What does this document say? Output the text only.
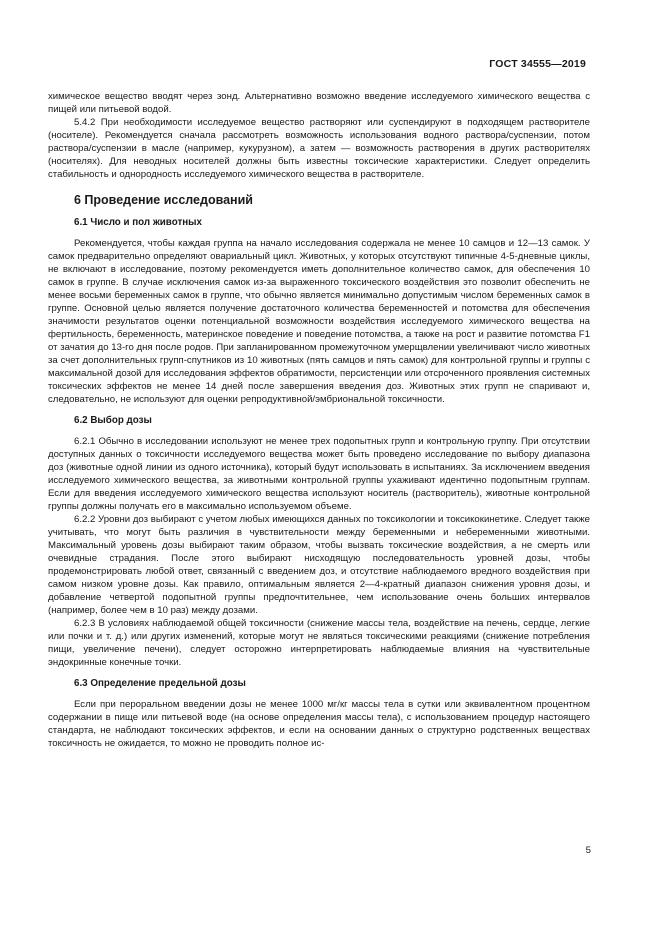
ГОСТ 34555—2019

химическое вещество вводят через зонд. Альтернативно возможно введение исследуемого химического вещества с пищей или питьевой водой.

5.4.2 При необходимости исследуемое вещество растворяют или суспендируют в подходящем растворителе (носителе). Рекомендуется сначала рассмотреть возможность использования водного раствора/суспензии, потом раствора/суспензии в масле (например, кукурузном), а затем — возможность растворения в других растворителях (носителях). Для неводных носителей должны быть известны токсические характеристики. Следует определить стабильность и однородность исследуемого химического вещества в растворителе.

6 Проведение исследований
6.1 Число и пол животных

Рекомендуется, чтобы каждая группа на начало исследования содержала не менее 10 самцов и 12—13 самок. У самок предварительно определяют овариальный цикл. Животных, у которых отсутствуют типичные 4-5-дневные циклы, не включают в исследование, поэтому рекомендуется иметь дополнительное количество самок, для обеспечения 10 самок в группе. В случае исключения самок из-за выраженного токсического воздействия это позволит обеспечить не менее восьми беременных самок в группе, что обычно является минимально допустимым числом беременных самок в группе. Основной целью является получение достаточного количества беременностей и потомства для обеспечения значимости результатов оценки потенциальной возможности воздействия исследуемого химического вещества на фертильность, беременность, материнское поведение и поведение потомства, а также на рост и развитие потомства F1 от зачатия до 13-го дня после родов. При запланированном промежуточном умерщвлении увеличивают число животных за счет дополнительных групп-спутников из 10 животных (пять самцов и пять самок) для контрольной группы и группы с максимальной дозой для исследования эффектов обратимости, персистенции или отсроченного проявления системных токсических эффектов не менее 14 дней после завершения введения доз. Животных этих групп не спаривают и, следовательно, не используют для оценки репродуктивной/эмбриональной токсичности.

6.2 Выбор дозы

6.2.1 Обычно в исследовании используют не менее трех подопытных групп и контрольную группу. При отсутствии доступных данных о токсичности исследуемого вещества может быть проведено исследование по выбору диапазона доз (животные одной линии из одного источника), который будут использовать в испытаниях. За исключением введения исследуемого химического вещества, за животными контрольной группы ухаживают идентично подопытным группам. Если для введения исследуемого химического вещества используют носитель (растворитель), животные контрольной группы должны получать его в максимально используемом объеме.

6.2.2 Уровни доз выбирают с учетом любых имеющихся данных по токсикологии и токсикокинетике. Следует также учитывать, что могут быть различия в чувствительности между беременными и небеременными животными. Максимальный уровень дозы выбирают таким образом, чтобы вызвать токсические воздействия, а не смерть или очевидные страдания. После этого выбирают нисходящую последовательность уровней дозы, чтобы продемонстрировать любой ответ, связанный с введением доз, и отсутствие наблюдаемого вредного воздействия при самом низком уровне дозы. Как правило, оптимальным является 2—4-кратный диапазон снижения уровня дозы, и добавление четвертой подопытной группы предпочтительнее, чем использование очень больших интервалов (например, более чем в 10 раз) между дозами.

6.2.3 В условиях наблюдаемой общей токсичности (снижение массы тела, воздействие на печень, сердце, легкие или почки и т. д.) или других изменений, которые могут не являться токсическими реакциями (снижение потребления пищи, увеличение печени), следует осторожно интерпретировать наблюдаемые влияния на чувствительные эндокринные конечные точки.

6.3 Определение предельной дозы

Если при пероральном введении дозы не менее 1000 мг/кг массы тела в сутки или эквивалентном процентном содержании в пище или питьевой воде (на основе определения массы тела), с использованием процедур настоящего стандарта, не наблюдают токсических эффектов, и если на основании данных о структурно родственных веществах токсичность не ожидается, то можно не проводить полное ис-

5
